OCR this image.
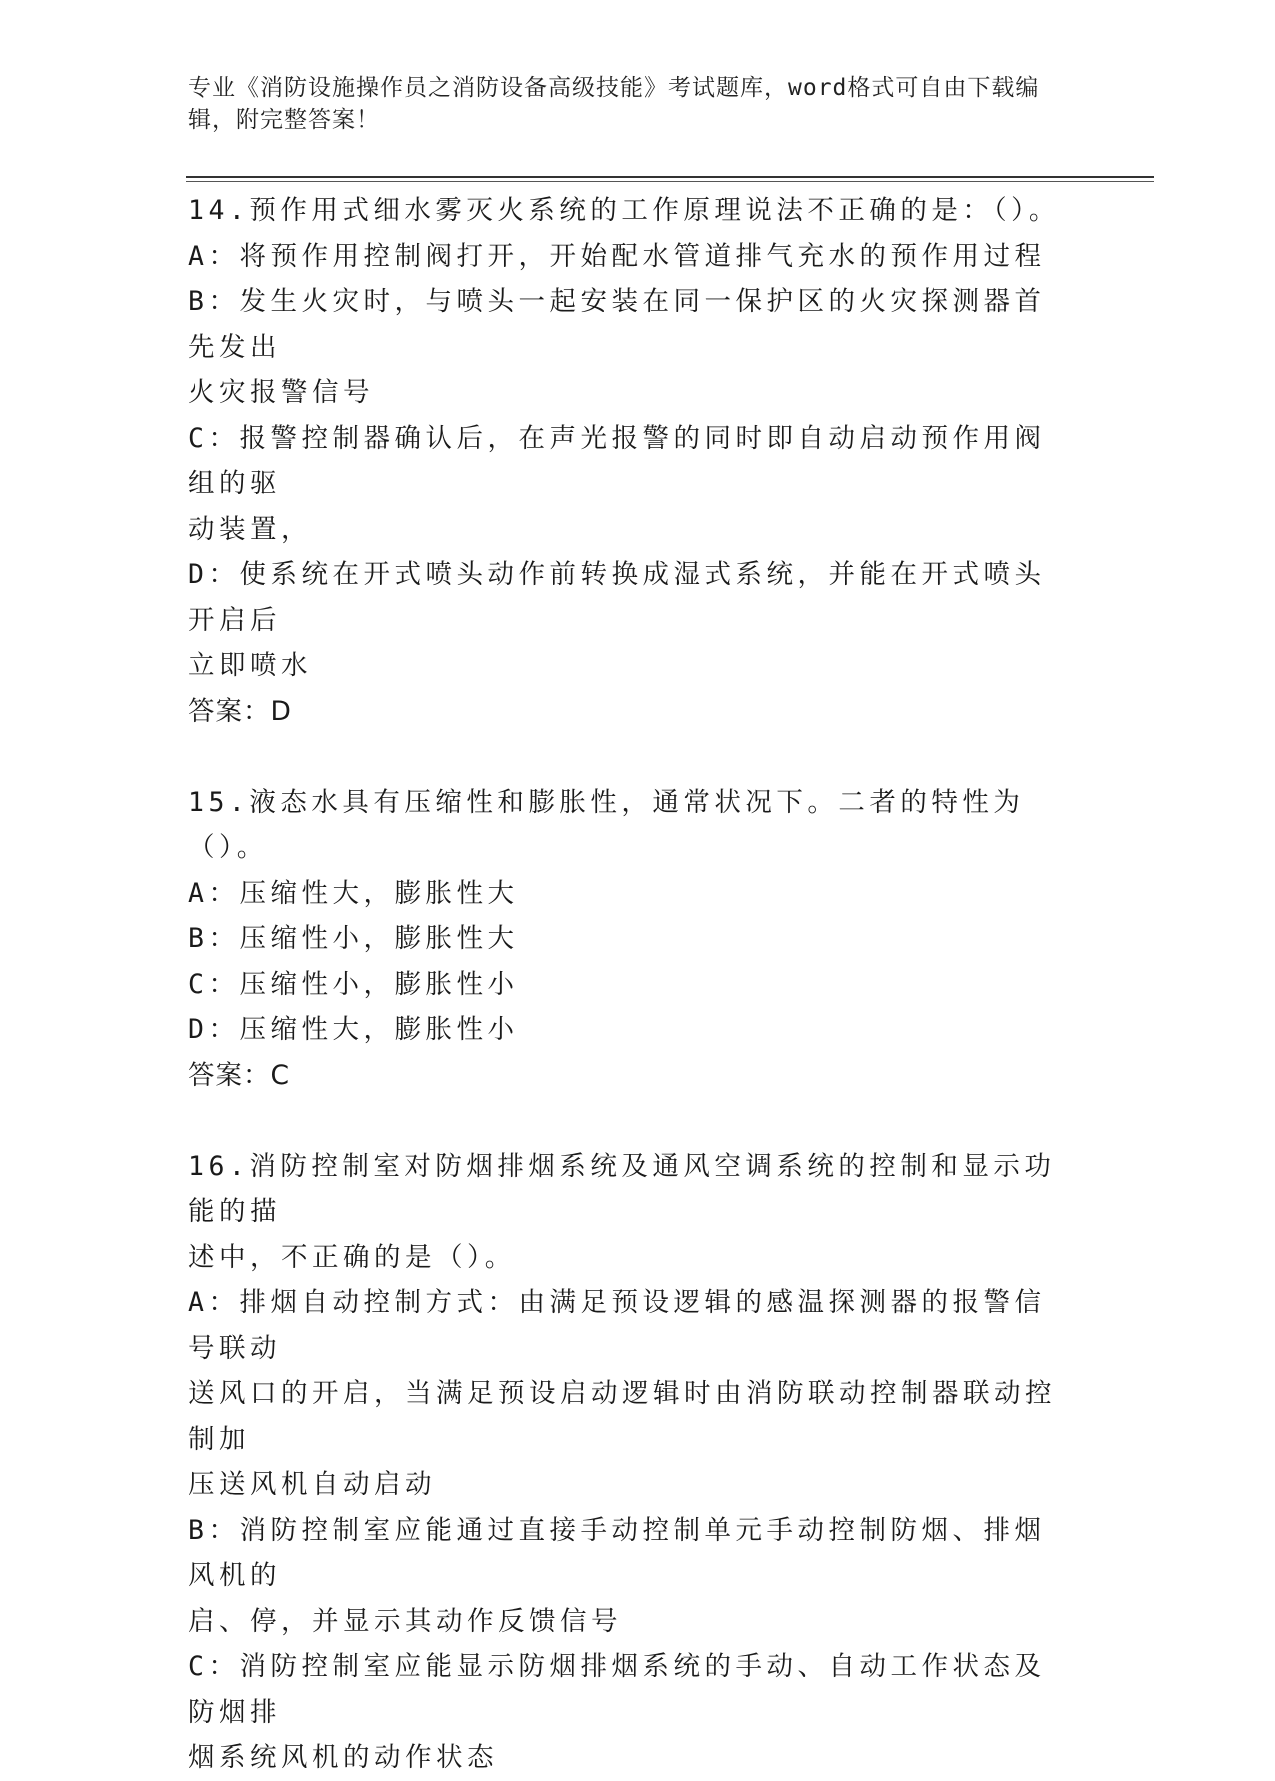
专业《消防设施操作员之消防设备高级技能》考试题库，word格式可自由下载编
辑，附完整答案！
14.预作用式细水雾灭火系统的工作原理说法不正确的是：（）。
A：将预作用控制阀打开，开始配水管道排气充水的预作用过程
B：发生火灾时，与喷头一起安装在同一保护区的火灾探测器首先发出
火灾报警信号
C：报警控制器确认后，在声光报警的同时即自动启动预作用阀组的驱
动装置，
D：使系统在开式喷头动作前转换成湿式系统，并能在开式喷头开启后
立即喷水
答案：D
15.液态水具有压缩性和膨胀性，通常状况下。二者的特性为（）。
A：压缩性大，膨胀性大
B：压缩性小，膨胀性大
C：压缩性小，膨胀性小
D：压缩性大，膨胀性小
答案：C
16.消防控制室对防烟排烟系统及通风空调系统的控制和显示功能的描
述中，不正确的是（）。
A：排烟自动控制方式：由满足预设逻辑的感温探测器的报警信号联动
送风口的开启，当满足预设启动逻辑时由消防联动控制器联动控制加
压送风机自动启动
B：消防控制室应能通过直接手动控制单元手动控制防烟、排烟风机的
启、停，并显示其动作反馈信号
C：消防控制室应能显示防烟排烟系统的手动、自动工作状态及防烟排
烟系统风机的动作状态
